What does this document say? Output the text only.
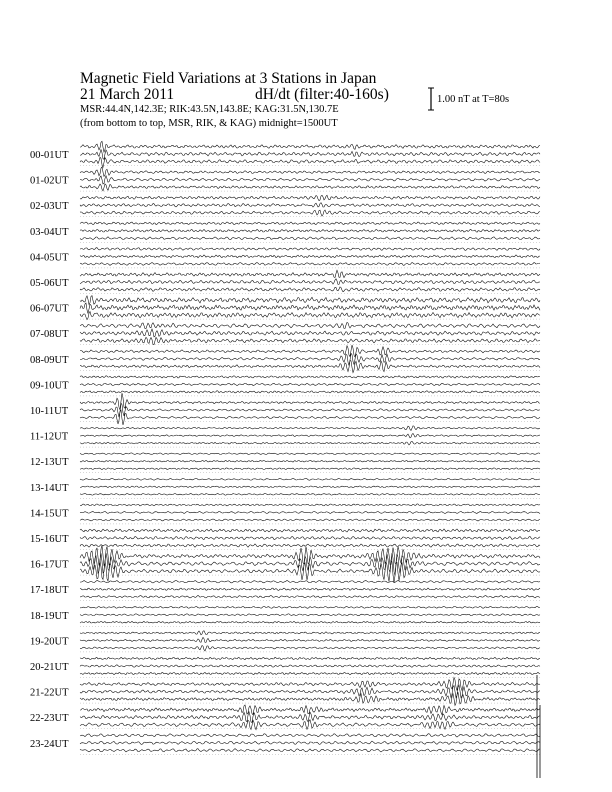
Magnetic Field Variations at 3 Stations in Japan
21 March 2011	dH/dt (filter:40-160s)
MSR:44.4N,142.3E; RIK:43.5N,143.8E; KAG:31.5N,130.7E
(from bottom to top, MSR, RIK, & KAG) midnight=1500UT
1.00 nT at T=80s
00-01UT
01-02UT
02-03UT
03-04UT
04-05UT
05-06UT
06-07UT
07-08UT
08-09UT
09-10UT
10-11UT
11-12UT
12-13UT
13-14UT
14-15UT
15-16UT
16-17UT
17-18UT
18-19UT
19-20UT
20-21UT
21-22UT
22-23UT
23-24UT
